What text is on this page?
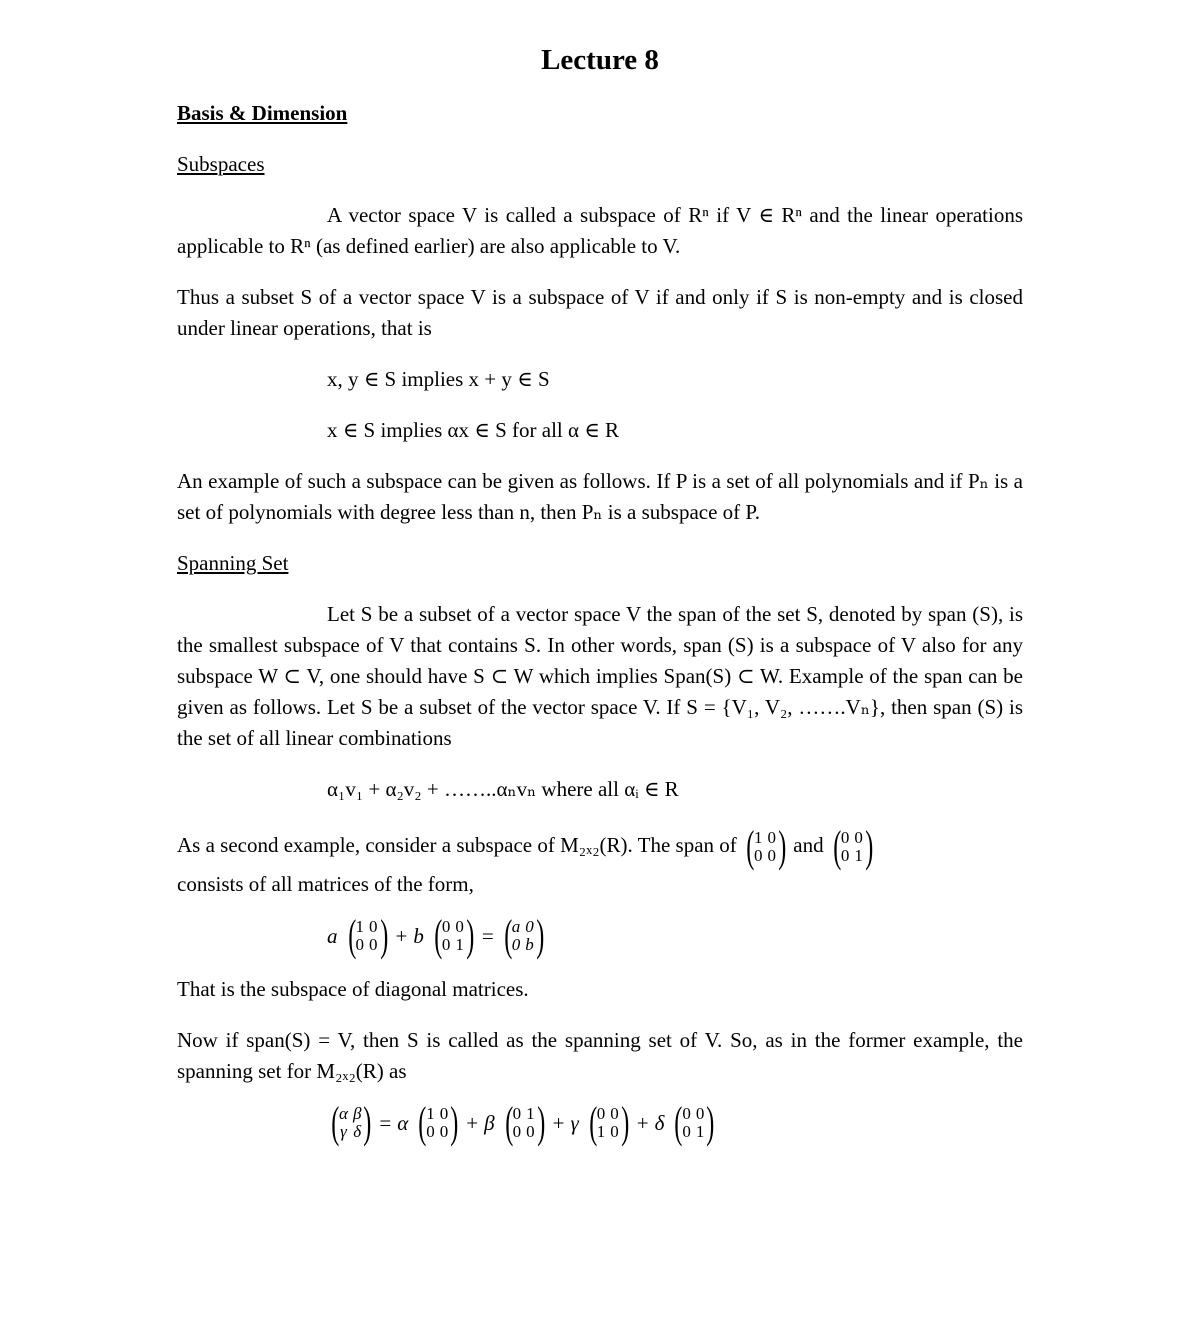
Lecture 8
Basis & Dimension
Subspaces

A vector space V is called a subspace of Rⁿ if V ∈ Rⁿ and the linear operations applicable to Rⁿ (as defined earlier) are also applicable to V.

Thus a subset S of a vector space V is a subspace of V if and only if S is non-empty and is closed under linear operations, that is

x, y ∈ S implies x + y ∈ S
x ∈ S implies αx ∈ S for all α ∈ R

An example of such a subspace can be given as follows. If P is a set of all polynomials and if Pₙ is a set of polynomials with degree less than n, then Pₙ is a subspace of P.

Spanning Set

Let S be a subset of a vector space V the span of the set S, denoted by span (S), is the smallest subspace of V that contains S. In other words, span (S) is a subspace of V also for any subspace W ⊂ V, one should have S ⊂ W which implies Span(S) ⊂ W. Example of the span can be given as follows. Let S be a subset of the vector space V. If S = {V₁, V₂, …….Vₙ}, then span (S) is the set of all linear combinations

α₁v₁ + α₂v₂ + ……..αₙvₙ where all αᵢ ∈ R

As a second example, consider a subspace of M₂ₓ₂(R). The span of ( 1 0
0 0 ) and ( 0 0
0 1 )

consists of all matrices of the form,

a ( 1 0
0 0 ) + b ( 0 0
0 1 ) = ( a 0
0 b )

That is the subspace of diagonal matrices.

Now if span(S) = V, then S is called as the spanning set of V. So, as in the former example, the spanning set for M₂ₓ₂(R) as

( α β
γ δ ) = α ( 1 0
0 0 ) + β ( 0 1
0 0 ) + γ ( 0 0
1 0 ) + δ ( 0 0
0 1 )
